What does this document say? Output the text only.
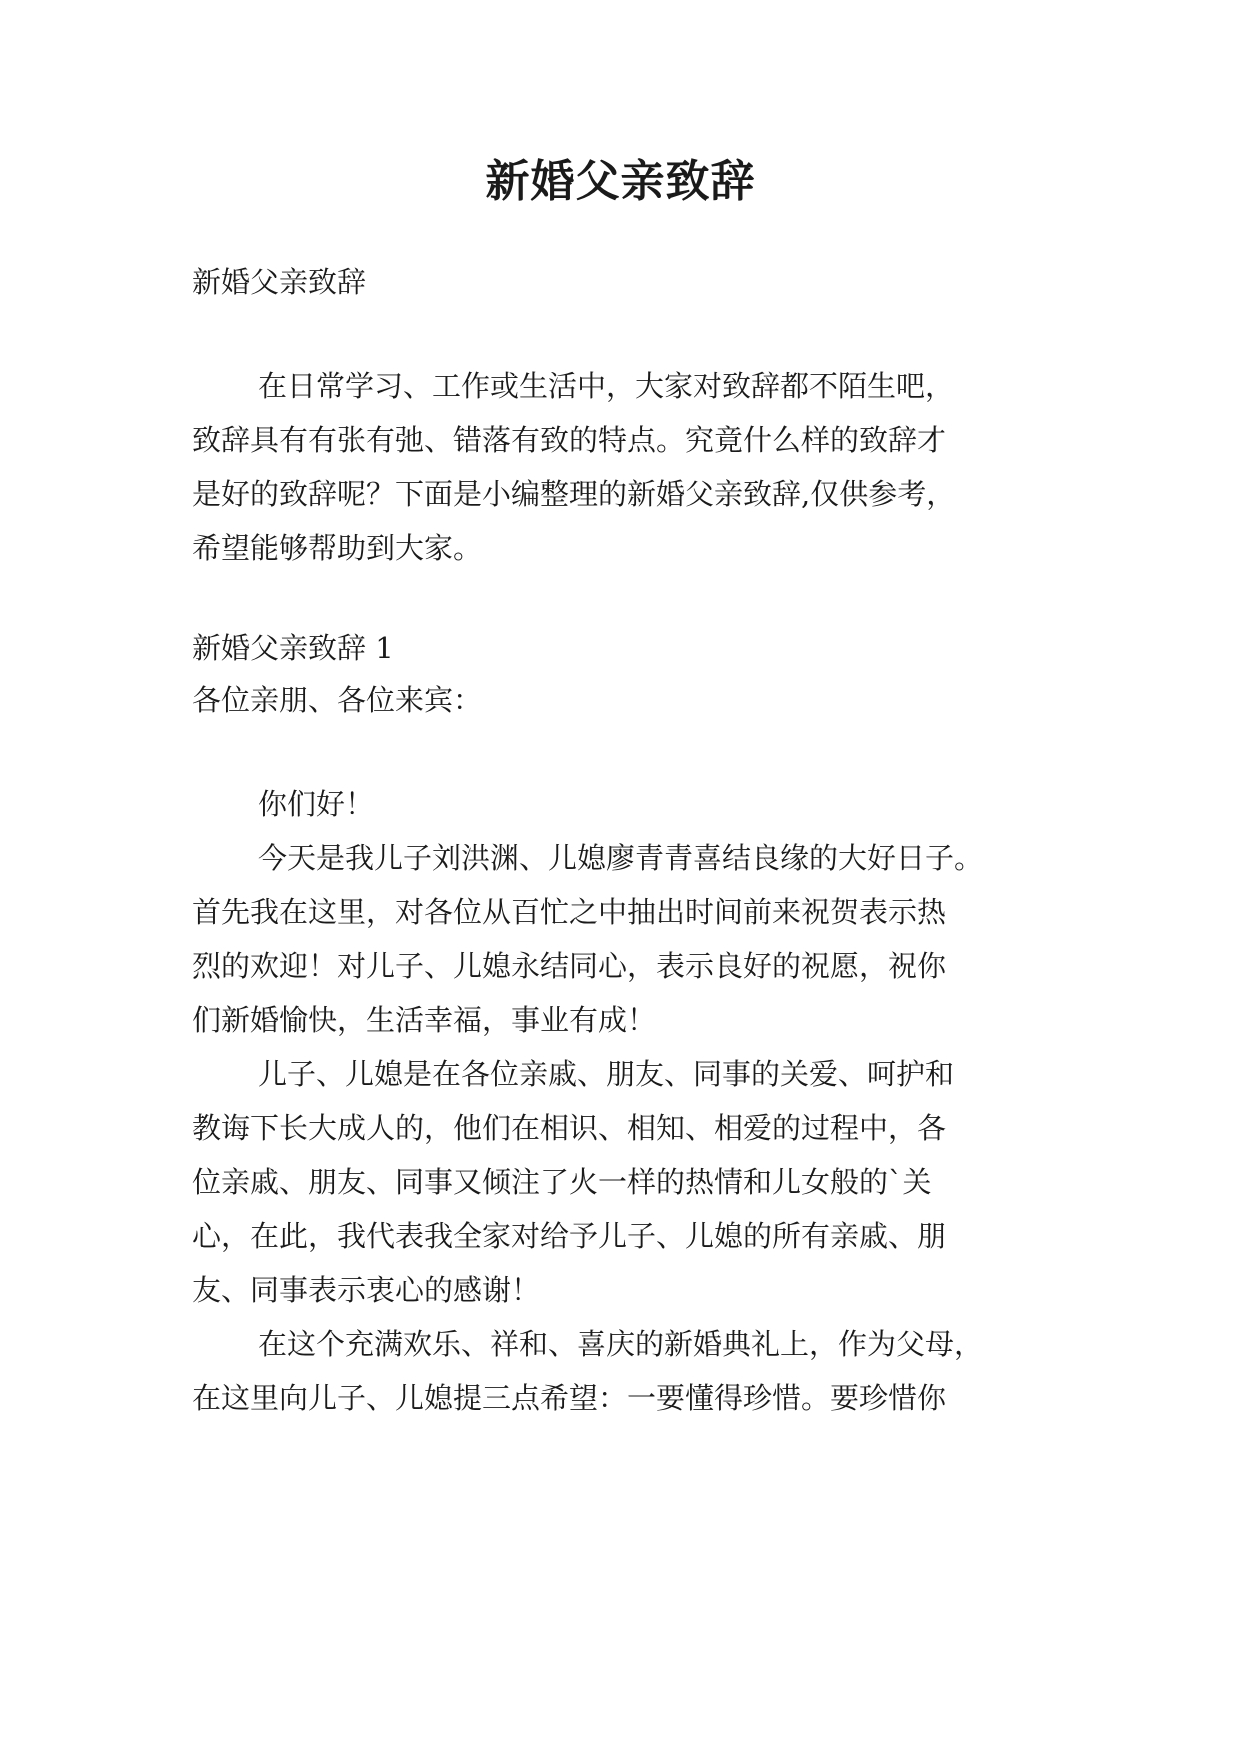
新婚父亲致辞

新婚父亲致辞

在日常学习、工作或生活中，大家对致辞都不陌生吧，

致辞具有有张有弛、错落有致的特点。究竟什么样的致辞才

是好的致辞呢？下面是小编整理的新婚父亲致辞,仅供参考，

希望能够帮助到大家。

新婚父亲致辞 1

各位亲朋、各位来宾：

你们好！

今天是我儿子刘洪渊、儿媳廖青青喜结良缘的大好日子。

首先我在这里，对各位从百忙之中抽出时间前来祝贺表示热

烈的欢迎！对儿子、儿媳永结同心，表示良好的祝愿，祝你

们新婚愉快，生活幸福，事业有成！

儿子、儿媳是在各位亲戚、朋友、同事的关爱、呵护和

教诲下长大成人的，他们在相识、相知、相爱的过程中，各

位亲戚、朋友、同事又倾注了火一样的热情和儿女般的`关

心，在此，我代表我全家对给予儿子、儿媳的所有亲戚、朋

友、同事表示衷心的感谢！

在这个充满欢乐、祥和、喜庆的新婚典礼上，作为父母，

在这里向儿子、儿媳提三点希望：一要懂得珍惜。要珍惜你
